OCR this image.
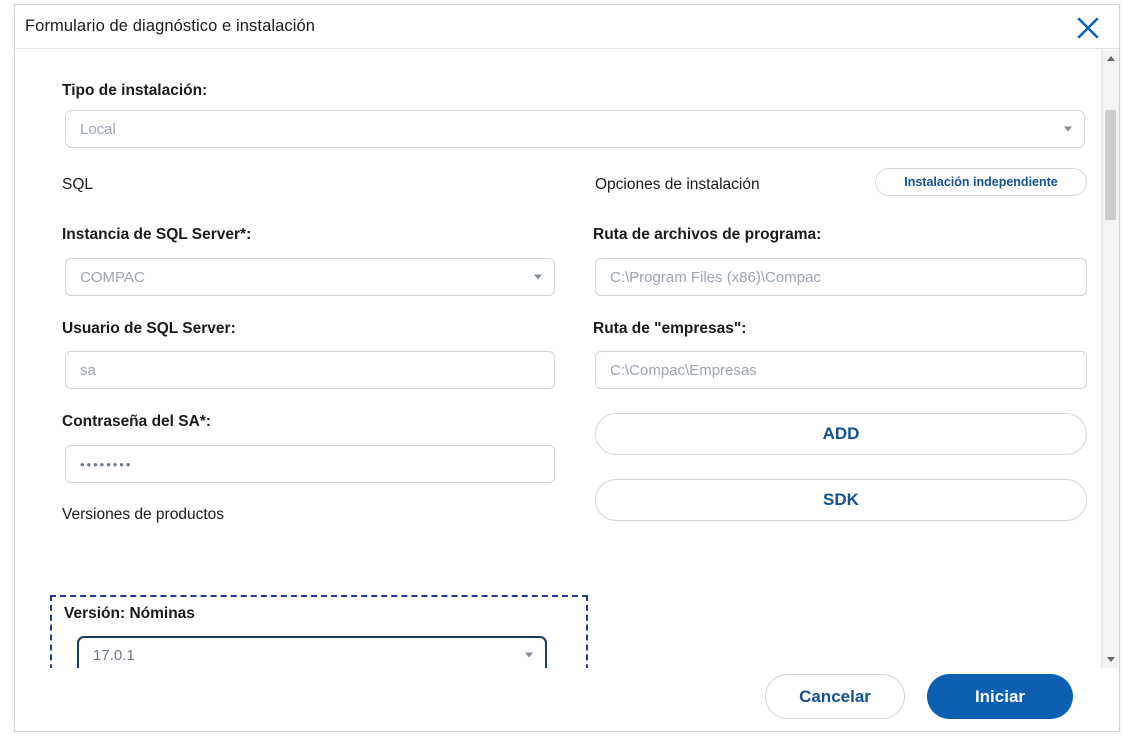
Formulario de diagnóstico e instalación
Tipo de instalación:
Local
SQL
Instancia de SQL Server*:
COMPAC
Usuario de SQL Server:
sa
Contraseña del SA*:
••••••••
Versiones de productos
Versión: Nóminas
17.0.1
Opciones de instalación	Instalación independiente
Ruta de archivos de programa:
C:\Program Files (x86)\Compac
Ruta de "empresas":
C:\Compac\Empresas
ADD
SDK
Cancelar	Iniciar
